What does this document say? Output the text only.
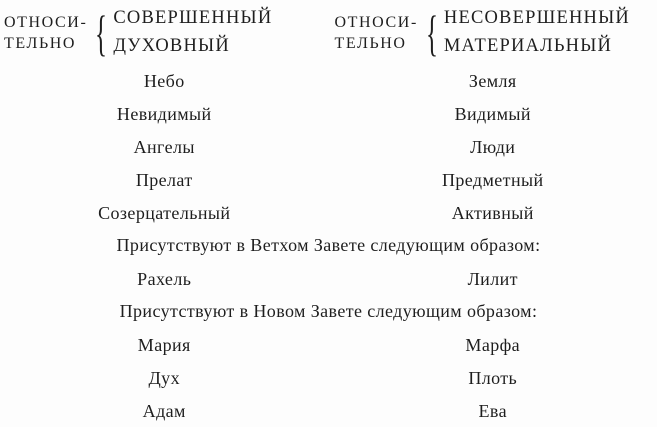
ОТНОСИ-
ТЕЛЬНО { СОВЕРШЕННЫЙ
ДУХОВНЫЙ
ОТНОСИ-
ТЕЛЬНО { НЕСОВЕРШЕННЫЙ
МАТЕРИАЛЬНЫЙ
Небо	Земля
Невидимый	Видимый
Ангелы	Люди
Прелат	Предметный
Созерцательный	Активный
Присутствуют в Ветхом Завете следующим образом:
Рахель	Лилит
Присутствуют в Новом Завете следующим образом:
Мария	Марфа
Дух	Плоть
Адам	Ева
